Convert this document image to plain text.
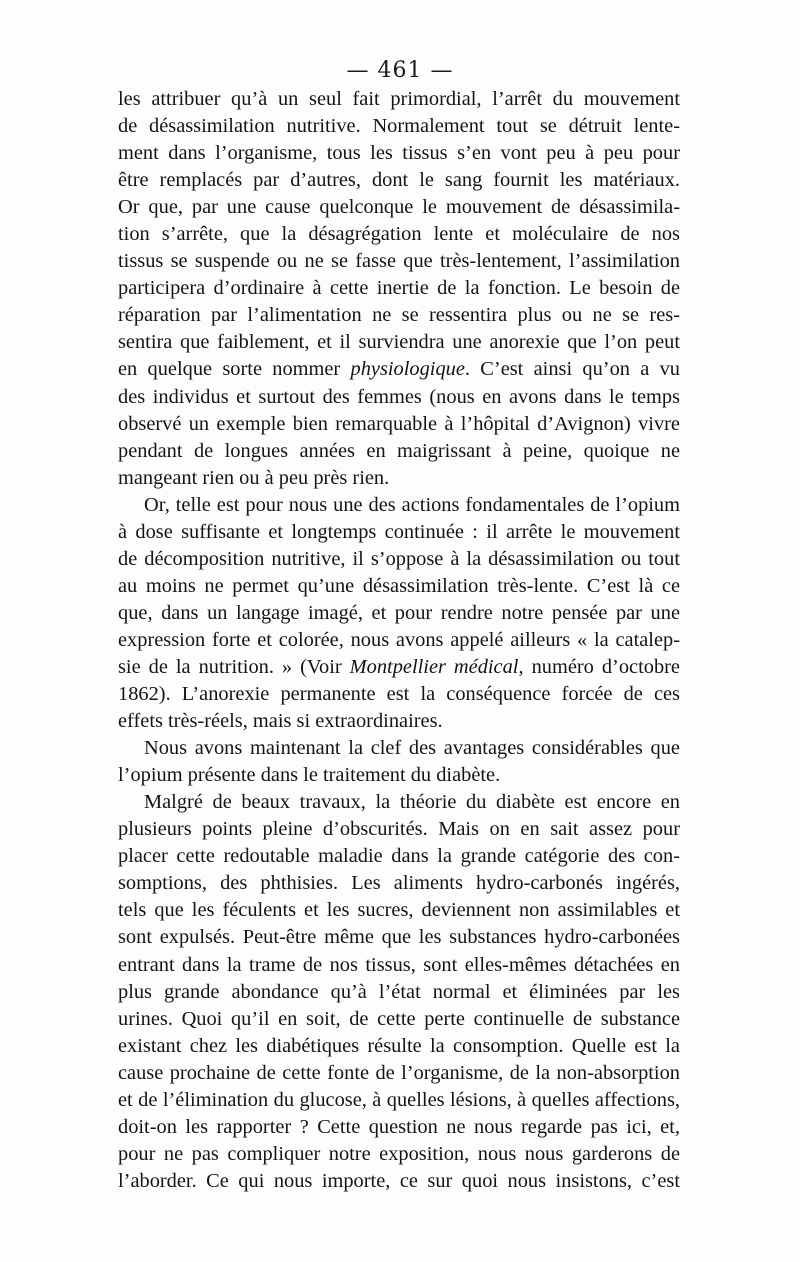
— 461 —
les attribuer qu’à un seul fait primordial, l’arrêt du mouvement
de désassimilation nutritive. Normalement tout se détruit lente-
ment dans l’organisme, tous les tissus s’en vont peu à peu pour
être remplacés par d’autres, dont le sang fournit les matériaux.
Or que, par une cause quelconque le mouvement de désassimila-
tion s’arrête, que la désagrégation lente et moléculaire de nos
tissus se suspende ou ne se fasse que très-lentement, l’assimilation
participera d’ordinaire à cette inertie de la fonction. Le besoin de
réparation par l’alimentation ne se ressentira plus ou ne se res-
sentira que faiblement, et il surviendra une anorexie que l’on peut
en quelque sorte nommer physiologique. C’est ainsi qu’on a vu
des individus et surtout des femmes (nous en avons dans le temps
observé un exemple bien remarquable à l’hôpital d’Avignon) vivre
pendant de longues années en maigrissant à peine, quoique ne
mangeant rien ou à peu près rien.
Or, telle est pour nous une des actions fondamentales de l’opium
à dose suffisante et longtemps continuée : il arrête le mouvement
de décomposition nutritive, il s’oppose à la désassimilation ou tout
au moins ne permet qu’une désassimilation très-lente. C’est là ce
que, dans un langage imagé, et pour rendre notre pensée par une
expression forte et colorée, nous avons appelé ailleurs « la catalep-
sie de la nutrition. » (Voir Montpellier médical, numéro d’octobre
1862). L’anorexie permanente est la conséquence forcée de ces
effets très-réels, mais si extraordinaires.
Nous avons maintenant la clef des avantages considérables que
l’opium présente dans le traitement du diabète.
Malgré de beaux travaux, la théorie du diabète est encore en
plusieurs points pleine d’obscurités. Mais on en sait assez pour
placer cette redoutable maladie dans la grande catégorie des con-
somptions, des phthisies. Les aliments hydro-carbonés ingérés,
tels que les féculents et les sucres, deviennent non assimilables et
sont expulsés. Peut-être même que les substances hydro-carbonées
entrant dans la trame de nos tissus, sont elles-mêmes détachées en
plus grande abondance qu’à l’état normal et éliminées par les
urines. Quoi qu’il en soit, de cette perte continuelle de substance
existant chez les diabétiques résulte la consomption. Quelle est la
cause prochaine de cette fonte de l’organisme, de la non-absorption
et de l’élimination du glucose, à quelles lésions, à quelles affections,
doit-on les rapporter ? Cette question ne nous regarde pas ici, et,
pour ne pas compliquer notre exposition, nous nous garderons de
l’aborder. Ce qui nous importe, ce sur quoi nous insistons, c’est
